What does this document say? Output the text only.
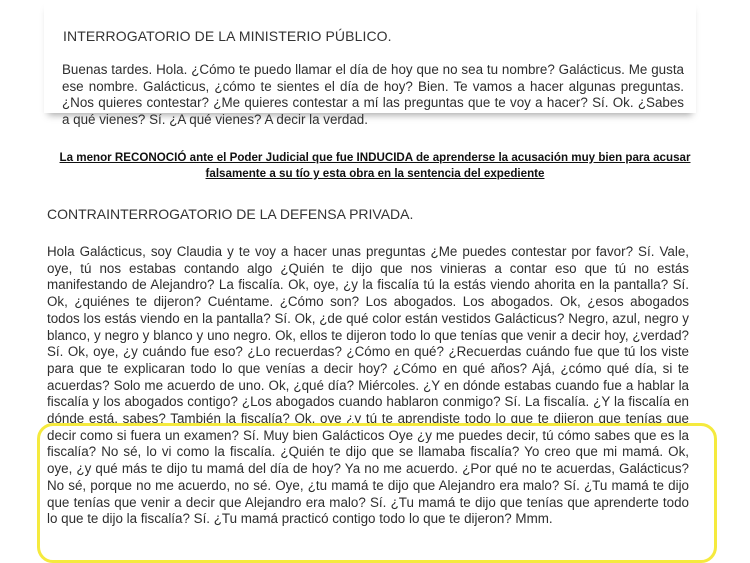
INTERROGATORIO DE LA MINISTERIO PÚBLICO.

Buenas tardes. Hola. ¿Cómo te puedo llamar el día de hoy que no sea tu nombre? Galácticus. Me gusta ese nombre. Galácticus, ¿cómo te sientes el día de hoy? Bien. Te vamos a hacer algunas preguntas. ¿Nos quieres contestar? ¿Me quieres contestar a mí las preguntas que te voy a hacer? Sí. Ok. ¿Sabes a qué vienes? Sí. ¿A qué vienes? A decir la verdad.

La menor RECONOCIÓ ante el Poder Judicial que fue INDUCIDA de aprenderse la acusación muy bien para acusar falsamente a su tío y esta obra en la sentencia del expediente

CONTRAINTERROGATORIO DE LA DEFENSA PRIVADA.

Hola Galácticus, soy Claudia y te voy a hacer unas preguntas ¿Me puedes contestar por favor? Sí. Vale, oye, tú nos estabas contando algo ¿Quién te dijo que nos vinieras a contar eso que tú no estás manifestando de Alejandro? La fiscalía. Ok, oye, ¿y la fiscalía tú la estás viendo ahorita en la pantalla? Sí. Ok, ¿quiénes te dijeron? Cuéntame. ¿Cómo son? Los abogados. Los abogados. Ok, ¿esos abogados todos los estás viendo en la pantalla? Sí. Ok, ¿de qué color están vestidos Galácticus? Negro, azul, negro y blanco, y negro y blanco y uno negro. Ok, ellos te dijeron todo lo que tenías que venir a decir hoy, ¿verdad? Sí. Ok, oye, ¿y cuándo fue eso? ¿Lo recuerdas? ¿Cómo en qué? ¿Recuerdas cuándo fue que tú los viste para que te explicaran todo lo que venías a decir hoy? ¿Cómo en qué años? Ajá, ¿cómo qué día, si te acuerdas? Solo me acuerdo de uno. Ok, ¿qué día? Miércoles. ¿Y en dónde estabas cuando fue a hablar la fiscalía y los abogados contigo? ¿Los abogados cuando hablaron conmigo? Sí. La fiscalía. ¿Y la fiscalía en dónde está, sabes? También la fiscalía? Ok, oye ¿y tú te aprendiste todo lo que te dijeron que tenías que decir como si fuera un examen? Sí. Muy bien Galácticos Oye ¿y me puedes decir, tú cómo sabes que es la fiscalía? No sé, lo vi como la fiscalía. ¿Quién te dijo que se llamaba fiscalía? Yo creo que mi mamá. Ok, oye, ¿y qué más te dijo tu mamá del día de hoy? Ya no me acuerdo. ¿Por qué no te acuerdas, Galácticus? No sé, porque no me acuerdo, no sé. Oye, ¿tu mamá te dijo que Alejandro era malo? Sí. ¿Tu mamá te dijo que tenías que venir a decir que Alejandro era malo? Sí. ¿Tu mamá te dijo que tenías que aprendertе todo lo que te dijo la fiscalía? Sí. ¿Tu mamá practicó contigo todo lo que te dijeron? Mmm.
